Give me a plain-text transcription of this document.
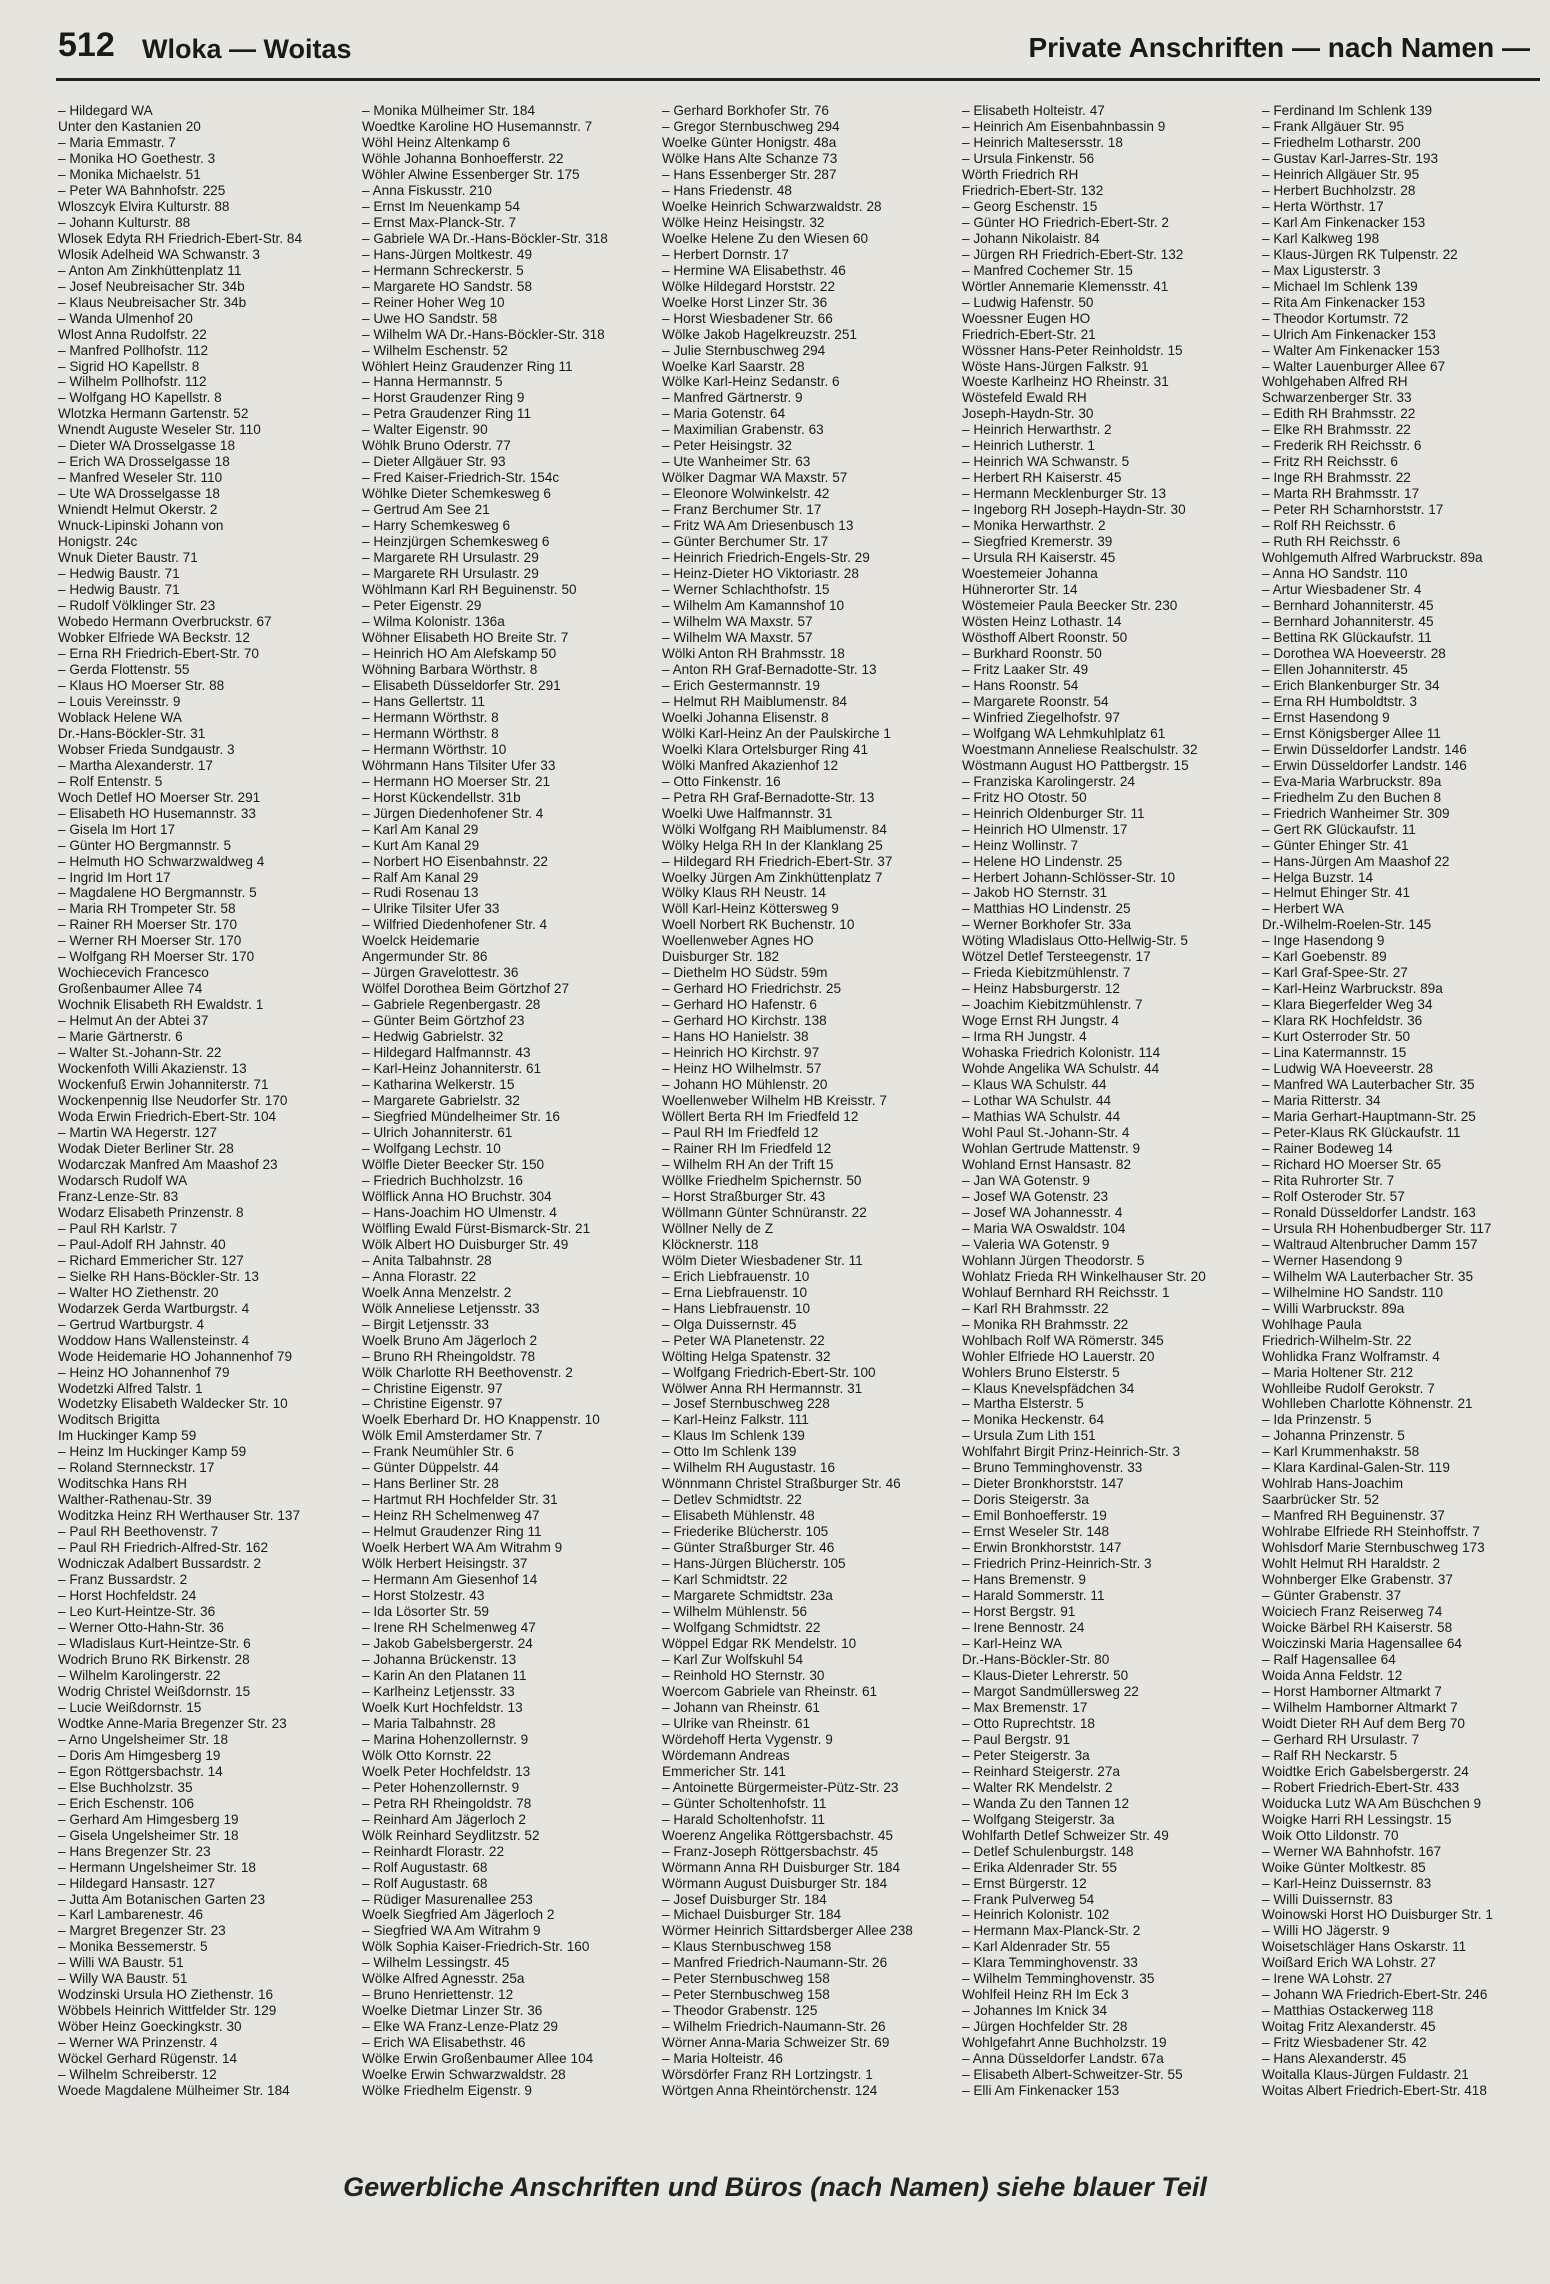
512 Wloka — Woitas	Private Anschriften — nach Namen —
– Hildegard WA
Unter den Kastanien 20
– Maria Emmastr. 7
– Monika HO Goethestr. 3
– Monika Michaelstr. 51
– Peter WA Bahnhofstr. 225
Wloszcyk Elvira Kulturstr. 88
– Johann Kulturstr. 88
Wlosek Edyta RH Friedrich-Ebert-Str. 84
Wlosik Adelheid WA Schwanstr. 3
– Anton Am Zinkhüttenplatz 11
– Josef Neubreisacher Str. 34b
– Klaus Neubreisacher Str. 34b
– Wanda Ulmenhof 20
Wlost Anna Rudolfstr. 22
– Manfred Pollhofstr. 112
– Sigrid HO Kapellstr. 8
– Wilhelm Pollhofstr. 112
– Wolfgang HO Kapellstr. 8
Wlotzka Hermann Gartenstr. 52
Wnendt Auguste Weseler Str. 110
– Dieter WA Drosselgasse 18
– Erich WA Drosselgasse 18
– Manfred Weseler Str. 110
– Ute WA Drosselgasse 18
Wniendt Helmut Okerstr. 2
Wnuck-Lipinski Johann von
Honigstr. 24c
Wnuk Dieter Baustr. 71
– Hedwig Baustr. 71
– Hedwig Baustr. 71
– Rudolf Völklinger Str. 23
Wobedo Hermann Overbruckstr. 67
Wobker Elfriede WA Beckstr. 12
– Erna RH Friedrich-Ebert-Str. 70
– Gerda Flottenstr. 55
– Klaus HO Moerser Str. 88
– Louis Vereinsstr. 9
Woblack Helene WA
Dr.-Hans-Böckler-Str. 31
Wobser Frieda Sundgaustr. 3
– Martha Alexanderstr. 17
– Rolf Entenstr. 5
Woch Detlef HO Moerser Str. 291
– Elisabeth HO Husemannstr. 33
– Gisela Im Hort 17
– Günter HO Bergmannstr. 5
– Helmuth HO Schwarzwaldweg 4
– Ingrid Im Hort 17
– Magdalene HO Bergmannstr. 5
– Maria RH Trompeter Str. 58
– Rainer RH Moerser Str. 170
– Werner RH Moerser Str. 170
– Wolfgang RH Moerser Str. 170
Wochiecevich Francesco
Großenbaumer Allee 74
Wochnik Elisabeth RH Ewaldstr. 1
– Helmut An der Abtei 37
– Marie Gärtnerstr. 6
– Walter St.-Johann-Str. 22
Wockenfoth Willi Akazienstr. 13
Wockenfuß Erwin Johanniterstr. 71
Wockenpennig Ilse Neudorfer Str. 170
Woda Erwin Friedrich-Ebert-Str. 104
– Martin WA Hegerstr. 127
Wodak Dieter Berliner Str. 28
Wodarczak Manfred Am Maashof 23
Wodarsch Rudolf WA
Franz-Lenze-Str. 83
Wodarz Elisabeth Prinzenstr. 8
– Paul RH Karlstr. 7
– Paul-Adolf RH Jahnstr. 40
– Richard Emmericher Str. 127
– Sielke RH Hans-Böckler-Str. 13
– Walter HO Ziethenstr. 20
Wodarzek Gerda Wartburgstr. 4
– Gertrud Wartburgstr. 4
Woddow Hans Wallensteinstr. 4
Wode Heidemarie HO Johannenhof 79
– Heinz HO Johannenhof 79
Wodetzki Alfred Talstr. 1
Wodetzky Elisabeth Waldecker Str. 10
Woditsch Brigitta
Im Huckinger Kamp 59
– Heinz Im Huckinger Kamp 59
– Roland Sternneckstr. 17
Woditschka Hans RH
Walther-Rathenau-Str. 39
Woditzka Heinz RH Werthauser Str. 137
– Paul RH Beethovenstr. 7
– Paul RH Friedrich-Alfred-Str. 162
Wodniczak Adalbert Bussardstr. 2
– Franz Bussardstr. 2
– Horst Hochfeldstr. 24
– Leo Kurt-Heintze-Str. 36
– Werner Otto-Hahn-Str. 36
– Wladislaus Kurt-Heintze-Str. 6
Wodrich Bruno RK Birkenstr. 28
– Wilhelm Karolingerstr. 22
Wodrig Christel Weißdornstr. 15
– Lucie Weißdornstr. 15
Wodtke Anne-Maria Bregenzer Str. 23
– Arno Ungelsheimer Str. 18
– Doris Am Himgesberg 19
– Egon Röttgersbachstr. 14
– Else Buchholzstr. 35
– Erich Eschenstr. 106
– Gerhard Am Himgesberg 19
– Gisela Ungelsheimer Str. 18
– Hans Bregenzer Str. 23
– Hermann Ungelsheimer Str. 18
– Hildegard Hansastr. 127
– Jutta Am Botanischen Garten 23
– Karl Lambarenestr. 46
– Margret Bregenzer Str. 23
– Monika Bessemerstr. 5
– Willi WA Baustr. 51
– Willy WA Baustr. 51
Wodzinski Ursula HO Ziethenstr. 16
Wöbbels Heinrich Wittfelder Str. 129
Wöber Heinz Goeckingkstr. 30
– Werner WA Prinzenstr. 4
Wöckel Gerhard Rügenstr. 14
– Wilhelm Schreiberstr. 12
Woede Magdalene Mülheimer Str. 184
– Monika Mülheimer Str. 184
Woedtke Karoline HO Husemannstr. 7
Wöhl Heinz Altenkamp 6
Wöhle Johanna Bonhoefferstr. 22
Wöhler Alwine Essenberger Str. 175
– Anna Fiskusstr. 210
– Ernst Im Neuenkamp 54
– Ernst Max-Planck-Str. 7
– Gabriele WA Dr.-Hans-Böckler-Str. 318
– Hans-Jürgen Moltkestr. 49
– Hermann Schreckerstr. 5
– Margarete HO Sandstr. 58
– Reiner Hoher Weg 10
– Uwe HO Sandstr. 58
– Wilhelm WA Dr.-Hans-Böckler-Str. 318
– Wilhelm Eschenstr. 52
Wöhlert Heinz Graudenzer Ring 11
– Hanna Hermannstr. 5
– Horst Graudenzer Ring 9
– Petra Graudenzer Ring 11
– Walter Eigenstr. 90
Wöhlk Bruno Oderstr. 77
– Dieter Allgäuer Str. 93
– Fred Kaiser-Friedrich-Str. 154c
Wöhlke Dieter Schemkesweg 6
– Gertrud Am See 21
– Harry Schemkesweg 6
– Heinzjürgen Schemkesweg 6
– Margarete RH Ursulastr. 29
– Margarete RH Ursulastr. 29
Wöhlmann Karl RH Beguinenstr. 50
– Peter Eigenstr. 29
– Wilma Kolonistr. 136a
Wöhner Elisabeth HO Breite Str. 7
– Heinrich HO Am Alefskamp 50
Wöhning Barbara Wörthstr. 8
– Elisabeth Düsseldorfer Str. 291
– Hans Gellertstr. 11
– Hermann Wörthstr. 8
– Hermann Wörthstr. 8
– Hermann Wörthstr. 10
Wöhrmann Hans Tilsiter Ufer 33
– Hermann HO Moerser Str. 21
– Horst Kückendellstr. 31b
– Jürgen Diedenhofener Str. 4
– Karl Am Kanal 29
– Kurt Am Kanal 29
– Norbert HO Eisenbahnstr. 22
– Ralf Am Kanal 29
– Rudi Rosenau 13
– Ulrike Tilsiter Ufer 33
– Wilfried Diedenhofener Str. 4
Woelck Heidemarie
Angermunder Str. 86
– Jürgen Gravelottestr. 36
Wölfel Dorothea Beim Görtzhof 27
– Gabriele Regenbergastr. 28
– Günter Beim Görtzhof 23
– Hedwig Gabrielstr. 32
– Hildegard Halfmannstr. 43
– Karl-Heinz Johanniterstr. 61
– Katharina Welkerstr. 15
– Margarete Gabrielstr. 32
– Siegfried Mündelheimer Str. 16
– Ulrich Johanniterstr. 61
– Wolfgang Lechstr. 10
Wölfle Dieter Beecker Str. 150
– Friedrich Buchholzstr. 16
Wölflick Anna HO Bruchstr. 304
– Hans-Joachim HO Ulmenstr. 4
Wölfling Ewald Fürst-Bismarck-Str. 21
Wölk Albert HO Duisburger Str. 49
– Anita Talbahnstr. 28
– Anna Florastr. 22
Woelk Anna Menzelstr. 2
Wölk Anneliese Letjensstr. 33
– Birgit Letjensstr. 33
Woelk Bruno Am Jägerloch 2
– Bruno RH Rheingoldstr. 78
Wölk Charlotte RH Beethovenstr. 2
– Christine Eigenstr. 97
– Christine Eigenstr. 97
Woelk Eberhard Dr. HO Knappenstr. 10
Wölk Emil Amsterdamer Str. 7
– Frank Neumühler Str. 6
– Günter Düppelstr. 44
– Hans Berliner Str. 28
– Hartmut RH Hochfelder Str. 31
– Heinz RH Schelmenweg 47
– Helmut Graudenzer Ring 11
Woelk Herbert WA Am Witrahm 9
Wölk Herbert Heisingstr. 37
– Hermann Am Giesenhof 14
– Horst Stolzestr. 43
– Ida Lösorter Str. 59
– Irene RH Schelmenweg 47
– Jakob Gabelsbergerstr. 24
– Johanna Brückenstr. 13
– Karin An den Platanen 11
– Karlheinz Letjensstr. 33
Woelk Kurt Hochfeldstr. 13
– Maria Talbahnstr. 28
– Marina Hohenzollernstr. 9
Wölk Otto Kornstr. 22
Woelk Peter Hochfeldstr. 13
– Peter Hohenzollernstr. 9
– Petra RH Rheingoldstr. 78
– Reinhard Am Jägerloch 2
Wölk Reinhard Seydlitzstr. 52
– Reinhardt Florastr. 22
– Rolf Augustastr. 68
– Rolf Augustastr. 68
– Rüdiger Masurenallee 253
Woelk Siegfried Am Jägerloch 2
– Siegfried WA Am Witrahm 9
Wölk Sophia Kaiser-Friedrich-Str. 160
– Wilhelm Lessingstr. 45
Wölke Alfred Agnesstr. 25a
– Bruno Henriettenstr. 12
Woelke Dietmar Linzer Str. 36
– Elke WA Franz-Lenze-Platz 29
– Erich WA Elisabethstr. 46
Wölke Erwin Großenbaumer Allee 104
Woelke Erwin Schwarzwaldstr. 28
Wölke Friedhelm Eigenstr. 9
– Gerhard Borkhofer Str. 76
– Gregor Sternbuschweg 294
Woelke Günter Honigstr. 48a
Wölke Hans Alte Schanze 73
– Hans Essenberger Str. 287
– Hans Friedenstr. 48
Woelke Heinrich Schwarzwaldstr. 28
Wölke Heinz Heisingstr. 32
Woelke Helene Zu den Wiesen 60
– Herbert Dornstr. 17
– Hermine WA Elisabethstr. 46
Wölke Hildegard Horststr. 22
Woelke Horst Linzer Str. 36
– Horst Wiesbadener Str. 66
Wölke Jakob Hagelkreuzstr. 251
– Julie Sternbuschweg 294
Woelke Karl Saarstr. 28
Wölke Karl-Heinz Sedanstr. 6
– Manfred Gärtnerstr. 9
– Maria Gotenstr. 64
– Maximilian Grabenstr. 63
– Peter Heisingstr. 32
– Ute Wanheimer Str. 63
Wölker Dagmar WA Maxstr. 57
– Eleonore Wolwinkelstr. 42
– Franz Berchumer Str. 17
– Fritz WA Am Driesenbusch 13
– Günter Berchumer Str. 17
– Heinrich Friedrich-Engels-Str. 29
– Heinz-Dieter HO Viktoriastr. 28
– Werner Schlachthofstr. 15
– Wilhelm Am Kamannshof 10
– Wilhelm WA Maxstr. 57
– Wilhelm WA Maxstr. 57
Wölki Anton RH Brahmsstr. 18
– Anton RH Graf-Bernadotte-Str. 13
– Erich Gestermannstr. 19
– Helmut RH Maiblumenstr. 84
Woelki Johanna Elisenstr. 8
Wölki Karl-Heinz An der Paulskirche 1
Woelki Klara Ortelsburger Ring 41
Wölki Manfred Akazienhof 12
– Otto Finkenstr. 16
– Petra RH Graf-Bernadotte-Str. 13
Woelki Uwe Halfmannstr. 31
Wölki Wolfgang RH Maiblumenstr. 84
Wölky Helga RH In der Klanklang 25
– Hildegard RH Friedrich-Ebert-Str. 37
Woelky Jürgen Am Zinkhüttenplatz 7
Wölky Klaus RH Neustr. 14
Wöll Karl-Heinz Köttersweg 9
Woell Norbert RK Buchenstr. 10
Woellenweber Agnes HO
Duisburger Str. 182
– Diethelm HO Südstr. 59m
– Gerhard HO Friedrichstr. 25
– Gerhard HO Hafenstr. 6
– Gerhard HO Kirchstr. 138
– Hans HO Hanielstr. 38
– Heinrich HO Kirchstr. 97
– Heinz HO Wilhelmstr. 57
– Johann HO Mühlenstr. 20
Woellenweber Wilhelm HB Kreisstr. 7
Wöllert Berta RH Im Friedfeld 12
– Paul RH Im Friedfeld 12
– Rainer RH Im Friedfeld 12
– Wilhelm RH An der Trift 15
Wöllke Friedhelm Spichernstr. 50
– Horst Straßburger Str. 43
Wöllmann Günter Schnüranstr. 22
Wöllner Nelly de Z
Klöcknerstr. 118
Wölm Dieter Wiesbadener Str. 11
– Erich Liebfrauenstr. 10
– Erna Liebfrauenstr. 10
– Hans Liebfrauenstr. 10
– Olga Duissernstr. 45
– Peter WA Planetenstr. 22
Wölting Helga Spatenstr. 32
– Wolfgang Friedrich-Ebert-Str. 100
Wölwer Anna RH Hermannstr. 31
– Josef Sternbuschweg 228
– Karl-Heinz Falkstr. 111
– Klaus Im Schlenk 139
– Otto Im Schlenk 139
– Wilhelm RH Augustastr. 16
Wönnmann Christel Straßburger Str. 46
– Detlev Schmidtstr. 22
– Elisabeth Mühlenstr. 48
– Friederike Blücherstr. 105
– Günter Straßburger Str. 46
– Hans-Jürgen Blücherstr. 105
– Karl Schmidtstr. 22
– Margarete Schmidtstr. 23a
– Wilhelm Mühlenstr. 56
– Wolfgang Schmidtstr. 22
Wöppel Edgar RK Mendelstr. 10
– Karl Zur Wolfskuhl 54
– Reinhold HO Sternstr. 30
Woercom Gabriele van Rheinstr. 61
– Johann van Rheinstr. 61
– Ulrike van Rheinstr. 61
Wördehoff Herta Vygenstr. 9
Wördemann Andreas
Emmericher Str. 141
– Antoinette Bürgermeister-Pütz-Str. 23
– Günter Scholtenhofstr. 11
– Harald Scholtenhofstr. 11
Woerenz Angelika Röttgersbachstr. 45
– Franz-Joseph Röttgersbachstr. 45
Wörmann Anna RH Duisburger Str. 184
Wörmann August Duisburger Str. 184
– Josef Duisburger Str. 184
– Michael Duisburger Str. 184
Wörmer Heinrich Sittardsberger Allee 238
– Klaus Sternbuschweg 158
– Manfred Friedrich-Naumann-Str. 26
– Peter Sternbuschweg 158
– Peter Sternbuschweg 158
– Theodor Grabenstr. 125
– Wilhelm Friedrich-Naumann-Str. 26
Wörner Anna-Maria Schweizer Str. 69
– Maria Holteistr. 46
Wörsdörfer Franz RH Lortzingstr. 1
Wörtgen Anna Rheintörchenstr. 124
– Elisabeth Holteistr. 47
– Heinrich Am Eisenbahnbassin 9
– Heinrich Maltesersstr. 18
– Ursula Finkenstr. 56
Wörth Friedrich RH
Friedrich-Ebert-Str. 132
– Georg Eschenstr. 15
– Günter HO Friedrich-Ebert-Str. 2
– Johann Nikolaistr. 84
– Jürgen RH Friedrich-Ebert-Str. 132
– Manfred Cochemer Str. 15
Wörtler Annemarie Klemensstr. 41
– Ludwig Hafenstr. 50
Woessner Eugen HO
Friedrich-Ebert-Str. 21
Wössner Hans-Peter Reinholdstr. 15
Wöste Hans-Jürgen Falkstr. 91
Woeste Karlheinz HO Rheinstr. 31
Wöstefeld Ewald RH
Joseph-Haydn-Str. 30
– Heinrich Herwarthstr. 2
– Heinrich Lutherstr. 1
– Heinrich WA Schwanstr. 5
– Herbert RH Kaiserstr. 45
– Hermann Mecklenburger Str. 13
– Ingeborg RH Joseph-Haydn-Str. 30
– Monika Herwarthstr. 2
– Siegfried Kremerstr. 39
– Ursula RH Kaiserstr. 45
Woestemeier Johanna
Hühnerorter Str. 14
Wöstemeier Paula Beecker Str. 230
Wösten Heinz Lothastr. 14
Wösthoff Albert Roonstr. 50
– Burkhard Roonstr. 50
– Fritz Laaker Str. 49
– Hans Roonstr. 54
– Margarete Roonstr. 54
– Winfried Ziegelhofstr. 97
– Wolfgang WA Lehmkuhlplatz 61
Woestmann Anneliese Realschulstr. 32
Wöstmann August HO Pattbergstr. 15
– Franziska Karolingerstr. 24
– Fritz HO Otostr. 50
– Heinrich Oldenburger Str. 11
– Heinrich HO Ulmenstr. 17
– Heinz Wollinstr. 7
– Helene HO Lindenstr. 25
– Herbert Johann-Schlösser-Str. 10
– Jakob HO Sternstr. 31
– Matthias HO Lindenstr. 25
– Werner Borkhofer Str. 33a
Wöting Wladislaus Otto-Hellwig-Str. 5
Wötzel Detlef Tersteegenstr. 17
– Frieda Kiebitzmühlenstr. 7
– Heinz Habsburgerstr. 12
– Joachim Kiebitzmühlenstr. 7
Woge Ernst RH Jungstr. 4
– Irma RH Jungstr. 4
Wohaska Friedrich Kolonistr. 114
Wohde Angelika WA Schulstr. 44
– Klaus WA Schulstr. 44
– Lothar WA Schulstr. 44
– Mathias WA Schulstr. 44
Wohl Paul St.-Johann-Str. 4
Wohlan Gertrude Mattenstr. 9
Wohland Ernst Hansastr. 82
– Jan WA Gotenstr. 9
– Josef WA Gotenstr. 23
– Josef WA Johannesstr. 4
– Maria WA Oswaldstr. 104
– Valeria WA Gotenstr. 9
Wohlann Jürgen Theodorstr. 5
Wohlatz Frieda RH Winkelhauser Str. 20
Wohlauf Bernhard RH Reichsstr. 1
– Karl RH Brahmsstr. 22
– Monika RH Brahmsstr. 22
Wohlbach Rolf WA Römerstr. 345
Wohler Elfriede HO Lauerstr. 20
Wohlers Bruno Elsterstr. 5
– Klaus Knevelspfädchen 34
– Martha Elsterstr. 5
– Monika Heckenstr. 64
– Ursula Zum Lith 151
Wohlfahrt Birgit Prinz-Heinrich-Str. 3
– Bruno Temminghovenstr. 33
– Dieter Bronkhorststr. 147
– Doris Steigerstr. 3a
– Emil Bonhoefferstr. 19
– Ernst Weseler Str. 148
– Erwin Bronkhorststr. 147
– Friedrich Prinz-Heinrich-Str. 3
– Hans Bremenstr. 9
– Harald Sommerstr. 11
– Horst Bergstr. 91
– Irene Bennostr. 24
– Karl-Heinz WA
Dr.-Hans-Böckler-Str. 80
– Klaus-Dieter Lehrerstr. 50
– Margot Sandmüllersweg 22
– Max Bremenstr. 17
– Otto Ruprechtstr. 18
– Paul Bergstr. 91
– Peter Steigerstr. 3a
– Reinhard Steigerstr. 27a
– Walter RK Mendelstr. 2
– Wanda Zu den Tannen 12
– Wolfgang Steigerstr. 3a
Wohlfarth Detlef Schweizer Str. 49
– Detlef Schulenburgstr. 148
– Erika Aldenrader Str. 55
– Ernst Bürgerstr. 12
– Frank Pulverweg 54
– Heinrich Kolonistr. 102
– Hermann Max-Planck-Str. 2
– Karl Aldenrader Str. 55
– Klara Temminghovenstr. 33
– Wilhelm Temminghovenstr. 35
Wohlfeil Heinz RH Im Eck 3
– Johannes Im Knick 34
– Jürgen Hochfelder Str. 28
Wohlgefahrt Anne Buchholzstr. 19
– Anna Düsseldorfer Landstr. 67a
– Elisabeth Albert-Schweitzer-Str. 55
– Elli Am Finkenacker 153
– Ferdinand Im Schlenk 139
– Frank Allgäuer Str. 95
– Friedhelm Lotharstr. 200
– Gustav Karl-Jarres-Str. 193
– Heinrich Allgäuer Str. 95
– Herbert Buchholzstr. 28
– Herta Wörthstr. 17
– Karl Am Finkenacker 153
– Karl Kalkweg 198
– Klaus-Jürgen RK Tulpenstr. 22
– Max Ligusterstr. 3
– Michael Im Schlenk 139
– Rita Am Finkenacker 153
– Theodor Kortumstr. 72
– Ulrich Am Finkenacker 153
– Walter Am Finkenacker 153
– Walter Lauenburger Allee 67
Wohlgehaben Alfred RH
Schwarzenberger Str. 33
– Edith RH Brahmsstr. 22
– Elke RH Brahmsstr. 22
– Frederik RH Reichsstr. 6
– Fritz RH Reichsstr. 6
– Inge RH Brahmsstr. 22
– Marta RH Brahmsstr. 17
– Peter RH Scharnhorststr. 17
– Rolf RH Reichsstr. 6
– Ruth RH Reichsstr. 6
Wohlgemuth Alfred Warbruckstr. 89a
– Anna HO Sandstr. 110
– Artur Wiesbadener Str. 4
– Bernhard Johanniterstr. 45
– Bernhard Johanniterstr. 45
– Bettina RK Glückaufstr. 11
– Dorothea WA Hoeveerstr. 28
– Ellen Johanniterstr. 45
– Erich Blankenburger Str. 34
– Erna RH Humboldtstr. 3
– Ernst Hasendong 9
– Ernst Königsberger Allee 11
– Erwin Düsseldorfer Landstr. 146
– Erwin Düsseldorfer Landstr. 146
– Eva-Maria Warbruckstr. 89a
– Friedhelm Zu den Buchen 8
– Friedrich Wanheimer Str. 309
– Gert RK Glückaufstr. 11
– Günter Ehinger Str. 41
– Hans-Jürgen Am Maashof 22
– Helga Buzstr. 14
– Helmut Ehinger Str. 41
– Herbert WA
Dr.-Wilhelm-Roelen-Str. 145
– Inge Hasendong 9
– Karl Goebenstr. 89
– Karl Graf-Spee-Str. 27
– Karl-Heinz Warbruckstr. 89a
– Klara Biegerfelder Weg 34
– Klara RK Hochfeldstr. 36
– Kurt Osterroder Str. 50
– Lina Katermannstr. 15
– Ludwig WA Hoeveerstr. 28
– Manfred WA Lauterbacher Str. 35
– Maria Ritterstr. 34
– Maria Gerhart-Hauptmann-Str. 25
– Peter-Klaus RK Glückaufstr. 11
– Rainer Bodeweg 14
– Richard HO Moerser Str. 65
– Rita Ruhrorter Str. 7
– Rolf Osteroder Str. 57
– Ronald Düsseldorfer Landstr. 163
– Ursula RH Hohenbudberger Str. 117
– Waltraud Altenbrucher Damm 157
– Werner Hasendong 9
– Wilhelm WA Lauterbacher Str. 35
– Wilhelmine HO Sandstr. 110
– Willi Warbruckstr. 89a
Wohlhage Paula
Friedrich-Wilhelm-Str. 22
Wohlidka Franz Wolframstr. 4
– Maria Holtener Str. 212
Wohlleibe Rudolf Gerokstr. 7
Wohlleben Charlotte Köhnenstr. 21
– Ida Prinzenstr. 5
– Johanna Prinzenstr. 5
– Karl Krummenhakstr. 58
– Klara Kardinal-Galen-Str. 119
Wohlrab Hans-Joachim
Saarbrücker Str. 52
– Manfred RH Beguinenstr. 37
Wohlrabe Elfriede RH Steinhoffstr. 7
Wohlsdorf Marie Sternbuschweg 173
Wohlt Helmut RH Haraldstr. 2
Wohnberger Elke Grabenstr. 37
– Günter Grabenstr. 37
Woiciech Franz Reiserweg 74
Woicke Bärbel RH Kaiserstr. 58
Woiczinski Maria Hagensallee 64
– Ralf Hagensallee 64
Woida Anna Feldstr. 12
– Horst Hamborner Altmarkt 7
– Wilhelm Hamborner Altmarkt 7
Woidt Dieter RH Auf dem Berg 70
– Gerhard RH Ursulastr. 7
– Ralf RH Neckarstr. 5
Woidtke Erich Gabelsbergerstr. 24
– Robert Friedrich-Ebert-Str. 433
Woiducka Lutz WA Am Büschchen 9
Woigke Harri RH Lessingstr. 15
Woik Otto Lildonstr. 70
– Werner WA Bahnhofstr. 167
Woike Günter Moltkestr. 85
– Karl-Heinz Duissernstr. 83
– Willi Duissernstr. 83
Woinowski Horst HO Duisburger Str. 1
– Willi HO Jägerstr. 9
Woisetschläger Hans Oskarstr. 11
Woißard Erich WA Lohstr. 27
– Irene WA Lohstr. 27
– Johann WA Friedrich-Ebert-Str. 246
– Matthias Ostackerweg 118
Woitag Fritz Alexanderstr. 45
– Fritz Wiesbadener Str. 42
– Hans Alexanderstr. 45
Woitalla Klaus-Jürgen Fuldastr. 21
Woitas Albert Friedrich-Ebert-Str. 418
Gewerbliche Anschriften und Büros (nach Namen) siehe blauer Teil
